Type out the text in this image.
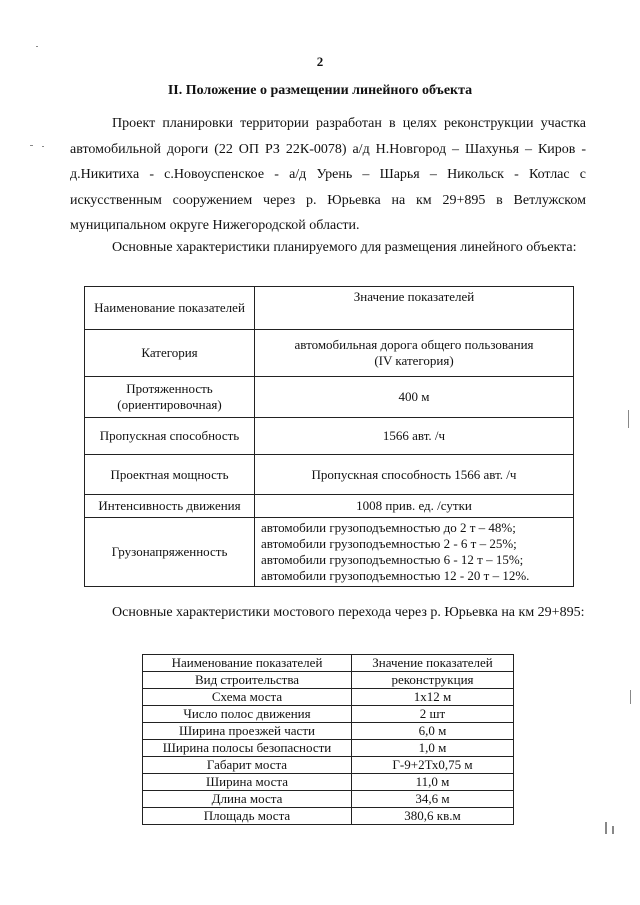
2
II. Положение о размещении линейного объекта
Проект планировки территории разработан в целях реконструкции участка автомобильной дороги (22 ОП РЗ 22К-0078) а/д Н.Новгород – Шахунья – Киров - д.Никитиха - с.Новоуспенское - а/д Урень – Шарья – Никольск - Котлас с искусственным сооружением через р. Юрьевка на км 29+895 в Ветлужском муниципальном округе Нижегородской области.
Основные характеристики планируемого для размещения линейного объекта:
Наименование показателей	Значение показателей
Категория	автомобильная дорога общего пользования
(IV категория)

Протяженность (ориентировочная)	400 м
Пропускная способность	1566 авт. /ч
Проектная мощность	Пропускная способность 1566 авт. /ч
Интенсивность движения	1008 прив. ед. /сутки
Грузонапряженность	автомобили грузоподъемностью до 2 т – 48%;
автомобили грузоподъемностью 2 - 6 т – 25%;
автомобили грузоподъемностью 6 - 12 т – 15%;
автомобили грузоподъемностью 12 - 20 т – 12%.
Основные характеристики мостового перехода через р. Юрьевка на км 29+895:
Наименование показателей	Значение показателей
Вид строительства	реконструкция
Схема моста	1х12 м
Число полос движения	2 шт
Ширина проезжей части	6,0 м
Ширина полосы безопасности	1,0 м
Габарит моста	Г-9+2Тх0,75 м
Ширина моста	11,0 м
Длина моста	34,6 м
Площадь моста	380,6 кв.м
